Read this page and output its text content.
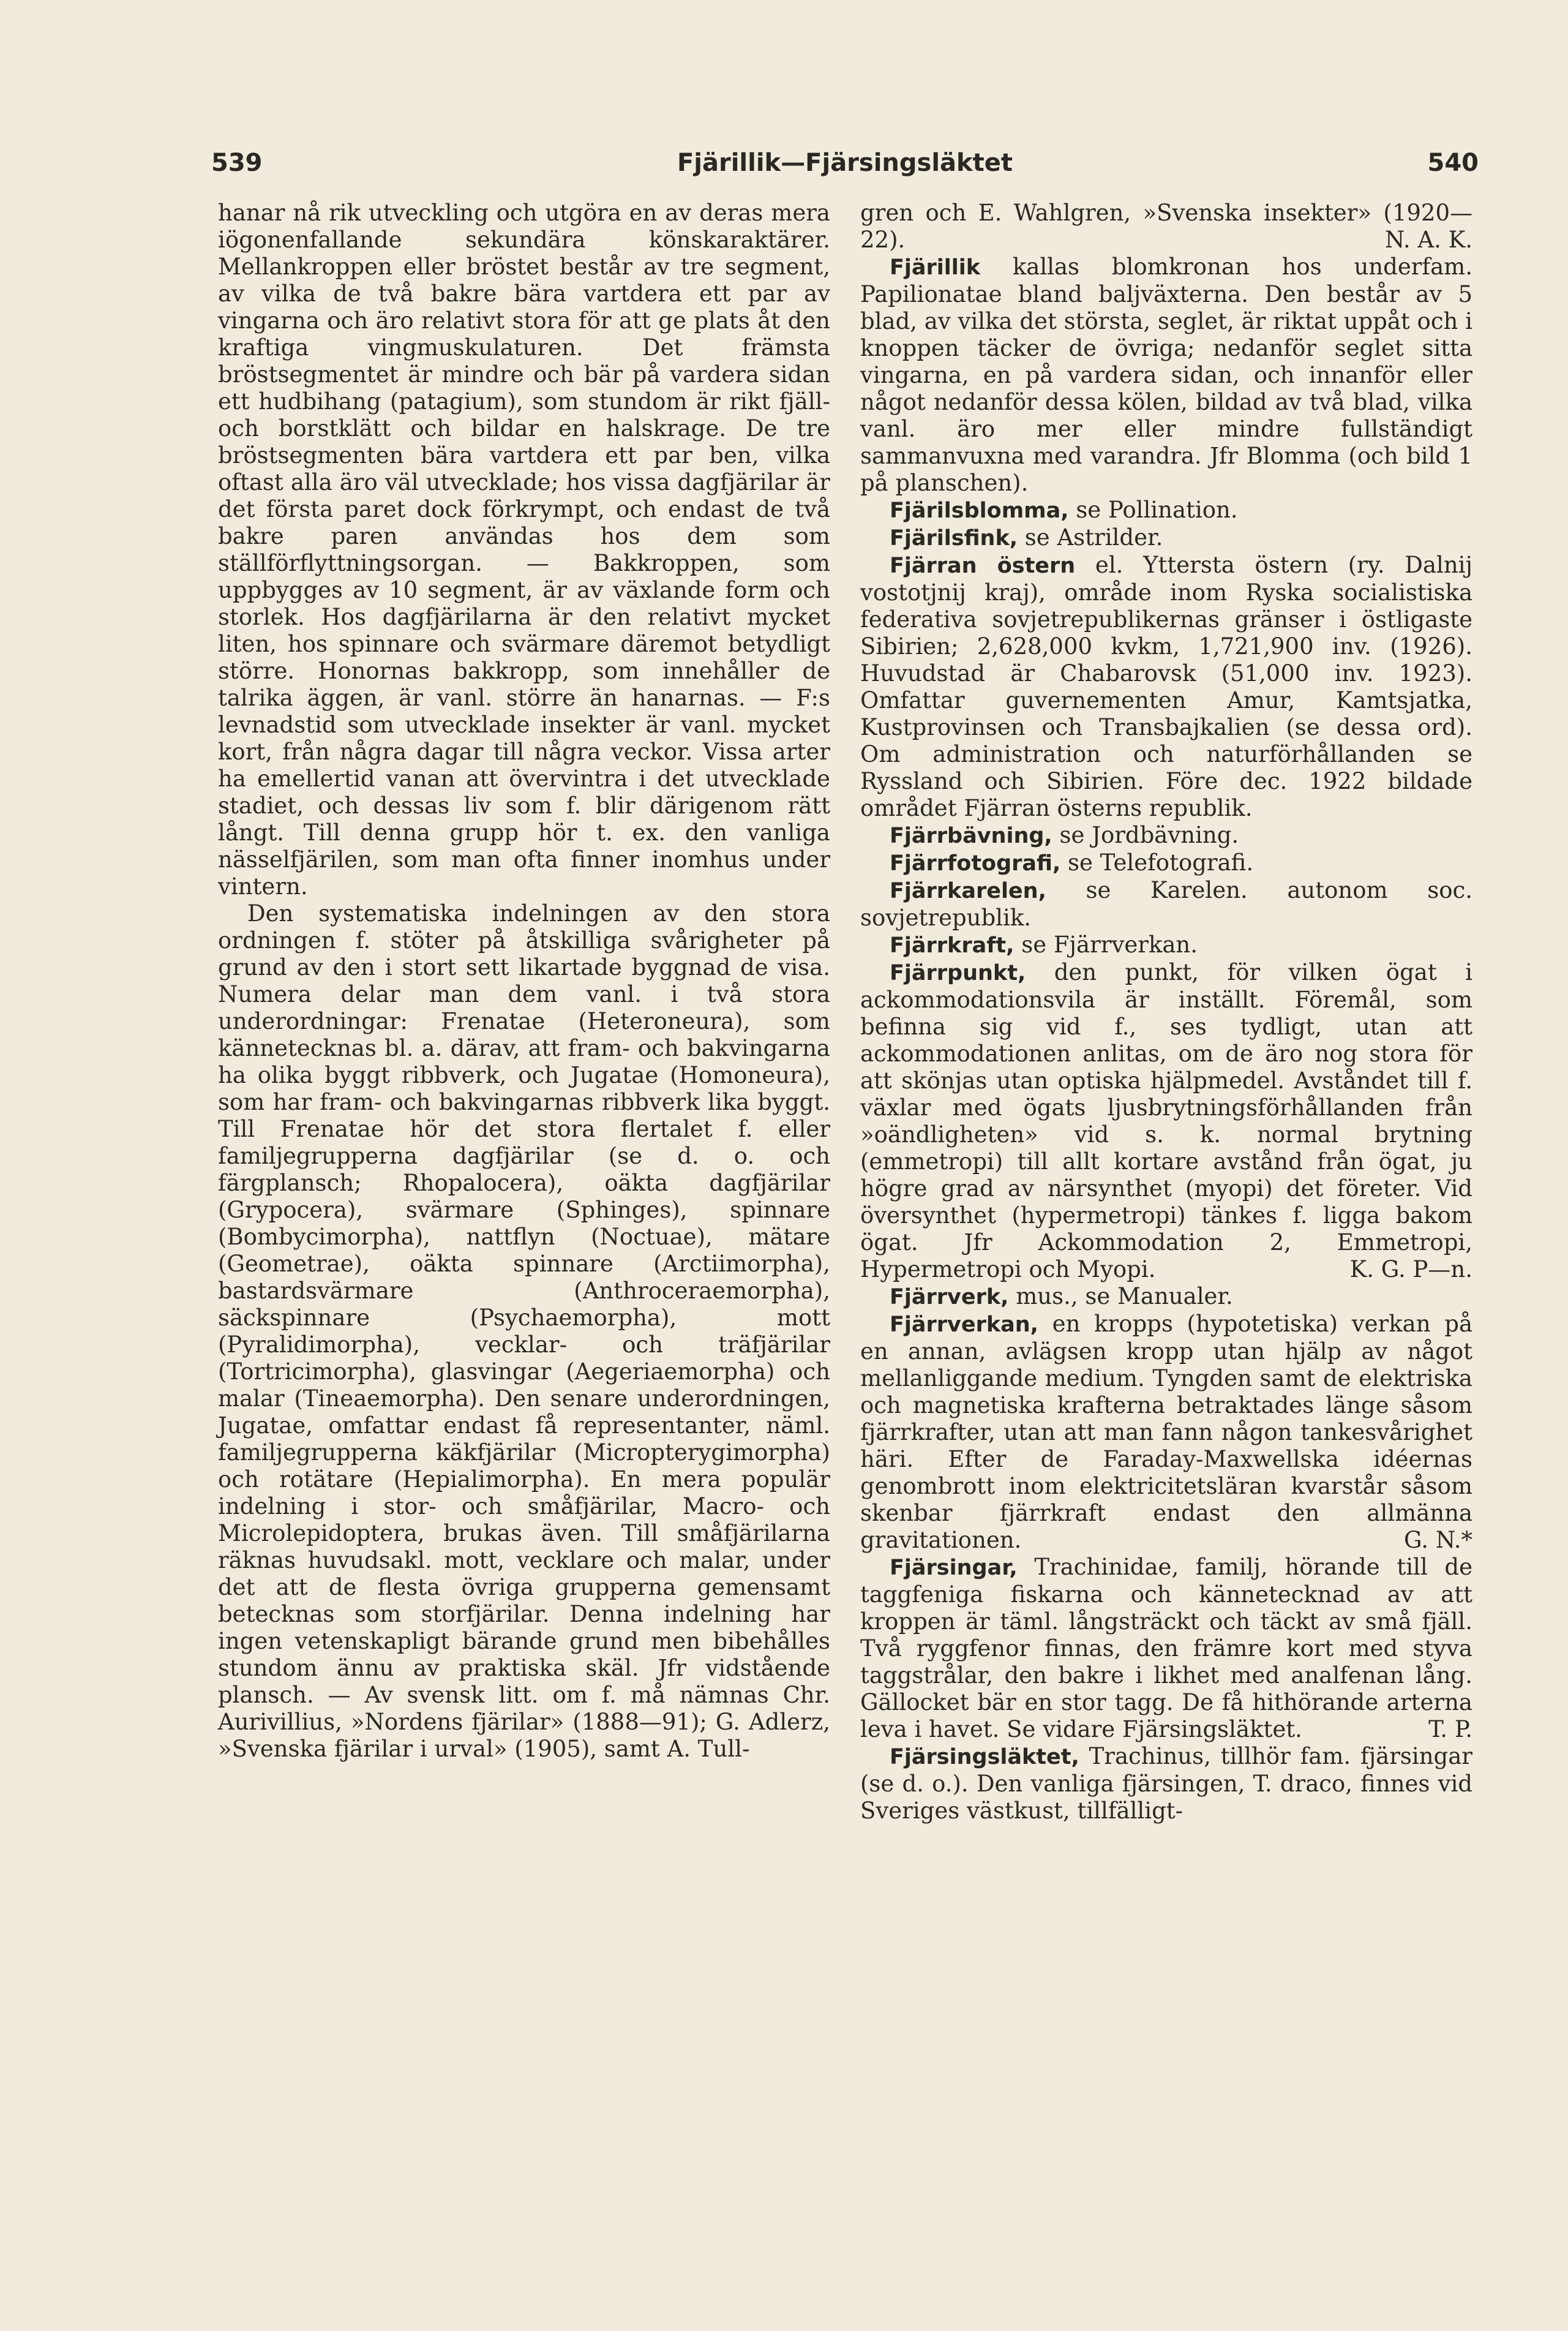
539	Fjärillik—Fjärsingsläktet	540

hanar nå rik utveckling och utgöra en av deras mera iögonenfallande sekundära könskaraktärer. Mellankroppen eller bröstet består av tre segment, av vilka de två bakre bära vartdera ett par av vingarna och äro relativt stora för att ge plats åt den kraftiga vingmuskulaturen. Det främsta bröstsegmentet är mindre och bär på vardera sidan ett hudbihang (patagium), som stundom är rikt fjäll- och borstklätt och bildar en halskrage. De tre bröstsegmenten bära vartdera ett par ben, vilka oftast alla äro väl utvecklade; hos vissa dagfjärilar är det första paret dock förkrympt, och endast de två bakre paren användas hos dem som ställförflyttningsorgan. — Bakkroppen, som uppbygges av 10 segment, är av växlande form och storlek. Hos dagfjärilarna är den relativt mycket liten, hos spinnare och svärmare däremot betydligt större. Honornas bakkropp, som innehåller de talrika äggen, är vanl. större än hanarnas. — F:s levnadstid som utvecklade insekter är vanl. mycket kort, från några dagar till några veckor. Vissa arter ha emellertid vanan att övervintra i det utvecklade stadiet, och dessas liv som f. blir därigenom rätt långt. Till denna grupp hör t. ex. den vanliga nässelfjärilen, som man ofta finner inomhus under vintern.

Den systematiska indelningen av den stora ordningen f. stöter på åtskilliga svårigheter på grund av den i stort sett likartade byggnad de visa. Numera delar man dem vanl. i två stora underordningar: Frenatae (Heteroneura), som kännetecknas bl. a. därav, att fram- och bakvingarna ha olika byggt ribbverk, och Jugatae (Homoneura), som har fram- och bakvingarnas ribbverk lika byggt. Till Frenatae hör det stora flertalet f. eller familjegrupperna dagfjärilar (se d. o. och färgplansch; Rhopalocera), oäkta dagfjärilar (Grypocera), svärmare (Sphinges), spinnare (Bombycimorpha), nattflyn (Noctuae), mätare (Geometrae), oäkta spinnare (Arctiimorpha), bastardsvärmare (Anthroceraemorpha), säckspinnare (Psychaemorpha), mott (Pyralidimorpha), vecklar- och träfjärilar (Tortricimorpha), glasvingar (Aegeriaemorpha) och malar (Tineaemorpha). Den senare underordningen, Jugatae, omfattar endast få representanter, näml. familjegrupperna käkfjärilar (Micropterygimorpha) och rotätare (Hepialimorpha). En mera populär indelning i stor- och småfjärilar, Macro- och Microlepidoptera, brukas även. Till småfjärilarna räknas huvudsakl. mott, vecklare och malar, under det att de flesta övriga grupperna gemensamt betecknas som storfjärilar. Denna indelning har ingen vetenskapligt bärande grund men bibehålles stundom ännu av praktiska skäl. Jfr vidstående plansch. — Av svensk litt. om f. må nämnas Chr. Aurivillius, »Nordens fjärilar» (1888—91); G. Adlerz, »Svenska fjärilar i urval» (1905), samt A. Tull-

gren och E. Wahlgren, »Svenska insekter» (1920—22).	N. A. K.

Fjärillik kallas blomkronan hos underfam. Papilionatae bland baljväxterna. Den består av 5 blad, av vilka det största, seglet, är riktat uppåt och i knoppen täcker de övriga; nedanför seglet sitta vingarna, en på vardera sidan, och innanför eller något nedanför dessa kölen, bildad av två blad, vilka vanl. äro mer eller mindre fullständigt sammanvuxna med varandra. Jfr Blomma (och bild 1 på planschen).

Fjärilsblomma, se Pollination.

Fjärilsfink, se Astrilder.

Fjärran östern el. Yttersta östern (ry. Dalnij vostotjnij kraj), område inom Ryska socialistiska federativa sovjetrepublikernas gränser i östligaste Sibirien; 2,628,000 kvkm, 1,721,900 inv. (1926). Huvudstad är Chabarovsk (51,000 inv. 1923). Omfattar guvernementen Amur, Kamtsjatka, Kustprovinsen och Transbajkalien (se dessa ord). Om administration och naturförhållanden se Ryssland och Sibirien. Före dec. 1922 bildade området Fjärran österns republik.

Fjärrbävning, se Jordbävning.

Fjärrfotografi, se Telefotografi.

Fjärrkarelen, se Karelen. autonom soc. sovjetrepublik.

Fjärrkraft, se Fjärrverkan.

Fjärrpunkt, den punkt, för vilken ögat i ackommodationsvila är inställt. Föremål, som befinna sig vid f., ses tydligt, utan att ackommodationen anlitas, om de äro nog stora för att skönjas utan optiska hjälpmedel. Avståndet till f. växlar med ögats ljusbrytningsförhållanden från »oändligheten» vid s. k. normal brytning (emmetropi) till allt kortare avstånd från ögat, ju högre grad av närsynthet (myopi) det företer. Vid översynthet (hypermetropi) tänkes f. ligga bakom ögat. Jfr Ackommodation 2, Emmetropi, Hypermetropi och Myopi.	K. G. P—n.

Fjärrverk, mus., se Manualer.

Fjärrverkan, en kropps (hypotetiska) verkan på en annan, avlägsen kropp utan hjälp av något mellanliggande medium. Tyngden samt de elektriska och magnetiska krafterna betraktades länge såsom fjärrkrafter, utan att man fann någon tankesvårighet häri. Efter de Faraday-Maxwellska idéernas genombrott inom elektricitetsläran kvarstår såsom skenbar fjärrkraft endast den allmänna gravitationen.	G. N.*

Fjärsingar, Trachinidae, familj, hörande till de taggfeniga fiskarna och kännetecknad av att kroppen är täml. långsträckt och täckt av små fjäll. Två ryggfenor finnas, den främre kort med styva taggstrålar, den bakre i likhet med analfenan lång. Gällocket bär en stor tagg. De få hithörande arterna leva i havet. Se vidare Fjärsingsläktet.	T. P.

Fjärsingsläktet, Trachinus, tillhör fam. fjärsingar (se d. o.). Den vanliga fjärsingen, T. draco, finnes vid Sveriges västkust, tillfälligt-
